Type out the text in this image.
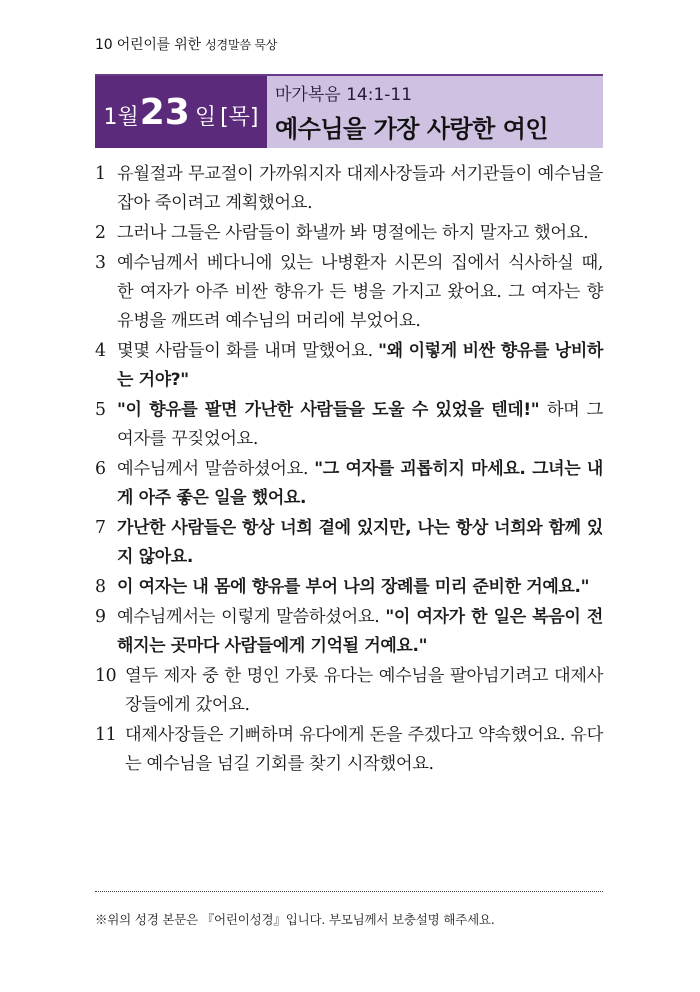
10 어린이를 위한 성경말씀 묵상
1월 23 일 [목]
마가복음 14:1-11
예수님을 가장 사랑한 여인
1 유월절과 무교절이 가까워지자 대제사장들과 서기관들이 예수님을 잡아 죽이려고 계획했어요.
2 그러나 그들은 사람들이 화낼까 봐 명절에는 하지 말자고 했어요.
3 예수님께서 베다니에 있는 나병환자 시몬의 집에서 식사하실 때, 한 여자가 아주 비싼 향유가 든 병을 가지고 왔어요. 그 여자는 향유병을 깨뜨려 예수님의 머리에 부었어요.
4 몇몇 사람들이 화를 내며 말했어요. "왜 이렇게 비싼 향유를 낭비하는 거야?"
5 "이 향유를 팔면 가난한 사람들을 도울 수 있었을 텐데!" 하며 그 여자를 꾸짖었어요.
6 예수님께서 말씀하셨어요. "그 여자를 괴롭히지 마세요. 그녀는 내게 아주 좋은 일을 했어요.
7 가난한 사람들은 항상 너희 곁에 있지만, 나는 항상 너희와 함께 있지 않아요.
8 이 여자는 내 몸에 향유를 부어 나의 장례를 미리 준비한 거예요."
9 예수님께서는 이렇게 말씀하셨어요. "이 여자가 한 일은 복음이 전해지는 곳마다 사람들에게 기억될 거예요."
10 열두 제자 중 한 명인 가룟 유다는 예수님을 팔아넘기려고 대제사장들에게 갔어요.
11 대제사장들은 기뻐하며 유다에게 돈을 주겠다고 약속했어요. 유다는 예수님을 넘길 기회를 찾기 시작했어요.
※위의 성경 본문은 『어린이성경』입니다. 부모님께서 보충설명 해주세요.
